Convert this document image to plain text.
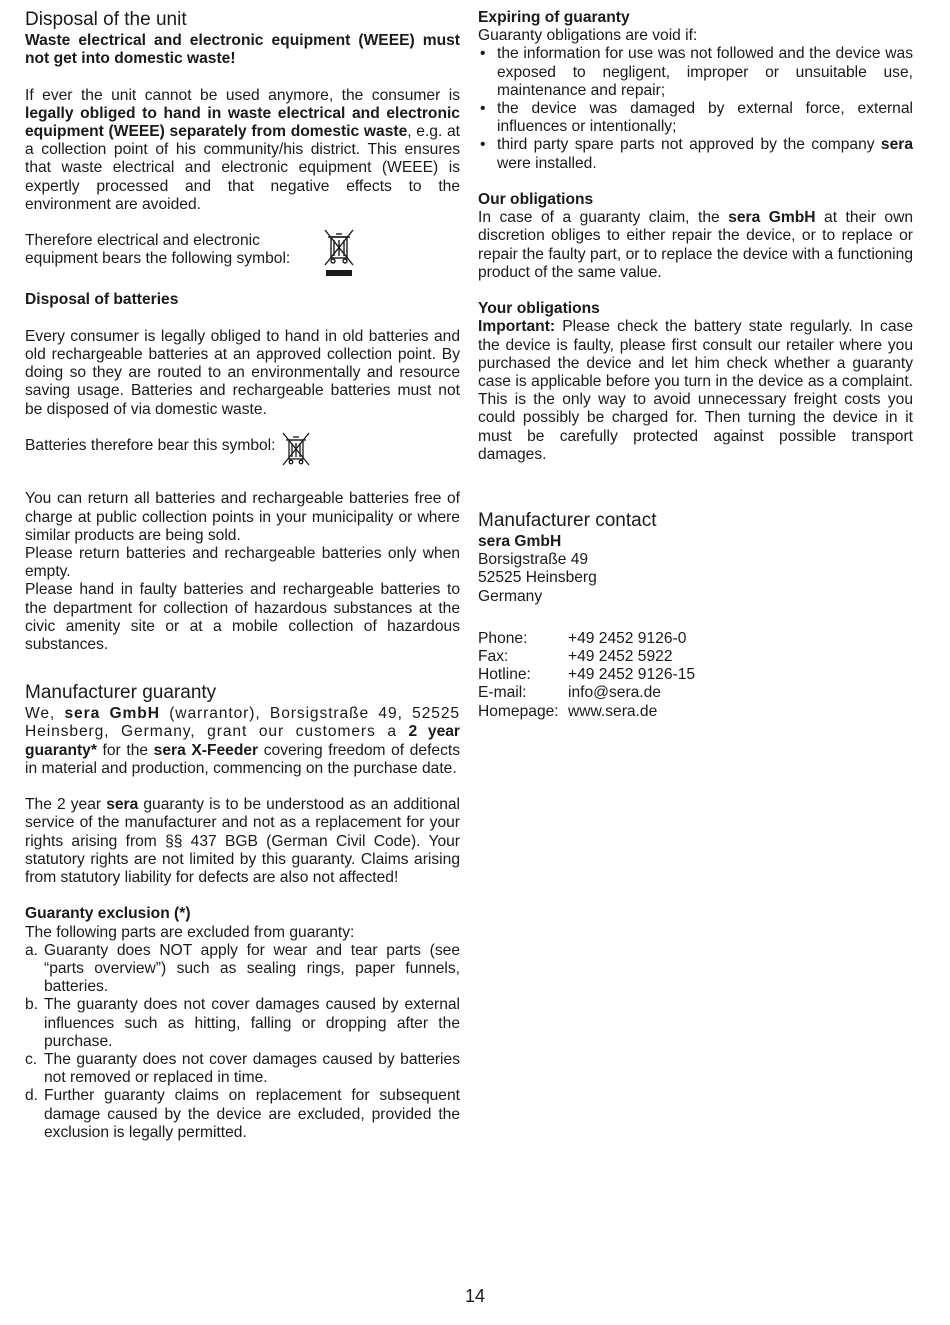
Disposal of the unit

Waste electrical and electronic equipment (WEEE) must not get into domestic waste!

If ever the unit cannot be used anymore, the consumer is legally obliged to hand in waste electrical and electronic equipment (WEEE) separately from domestic waste, e.g. at a collection point of his community/his district. This ensures that waste electrical and electronic equipment (WEEE) is expertly processed and that negative effects to the environment are avoided.

Therefore electrical and electronic equipment bears the following symbol:

Disposal of batteries

Every consumer is legally obliged to hand in old batteries and old rechargeable batteries at an approved collection point. By doing so they are routed to an environmentally and resource saving usage. Batteries and rechargeable batteries must not be disposed of via domestic waste.

Batteries therefore bear this symbol:

You can return all batteries and rechargeable batteries free of charge at public collection points in your municipality or where similar products are being sold.

Please return batteries and rechargeable batteries only when empty.

Please hand in faulty batteries and rechargeable batteries to the department for collection of hazardous substances at the civic amenity site or at a mobile collection of hazardous substances.

Manufacturer guaranty

We, sera GmbH (warrantor), Borsigstraße 49, 52525 Heinsberg, Germany, grant our customers a 2 year guaranty* for the sera X-Feeder covering freedom of defects in material and production, commencing on the purchase date.

The 2 year sera guaranty is to be understood as an additional service of the manufacturer and not as a replacement for your rights arising from §§ 437 BGB (German Civil Code). Your statutory rights are not limited by this guaranty. Claims arising from statutory liability for defects are also not affected!

Guaranty exclusion (*)

The following parts are excluded from guaranty:

a. Guaranty does NOT apply for wear and tear parts (see “parts overview”) such as sealing rings, paper funnels, batteries.
b. The guaranty does not cover damages caused by external influences such as hitting, falling or dropping after the purchase.
c. The guaranty does not cover damages caused by batteries not removed or replaced in time.
d. Further guaranty claims on replacement for subsequent damage caused by the device are excluded, provided the exclusion is legally permitted.

Expiring of guaranty

Guaranty obligations are void if:

• the information for use was not followed and the device was exposed to negligent, improper or unsuitable use, maintenance and repair;
• the device was damaged by external force, external influences or intentionally;
• third party spare parts not approved by the company sera were installed.

Our obligations

In case of a guaranty claim, the sera GmbH at their own discretion obliges to either repair the device, or to replace or repair the faulty part, or to replace the device with a functioning product of the same value.

Your obligations

Important: Please check the battery state regularly. In case the device is faulty, please first consult our retailer where you purchased the device and let him check whether a guaranty case is applicable before you turn in the device as a complaint. This is the only way to avoid unnecessary freight costs you could possibly be charged for. Then turning the device in it must be carefully protected against possible transport damages.

Manufacturer contact

sera GmbH

Borsigstraße 49

52525 Heinsberg

Germany

Phone:	+49 2452 9126-0
Fax:	+49 2452 5922
Hotline:	+49 2452 9126-15
E-mail:	info@sera.de
Homepage:	www.sera.de
14
